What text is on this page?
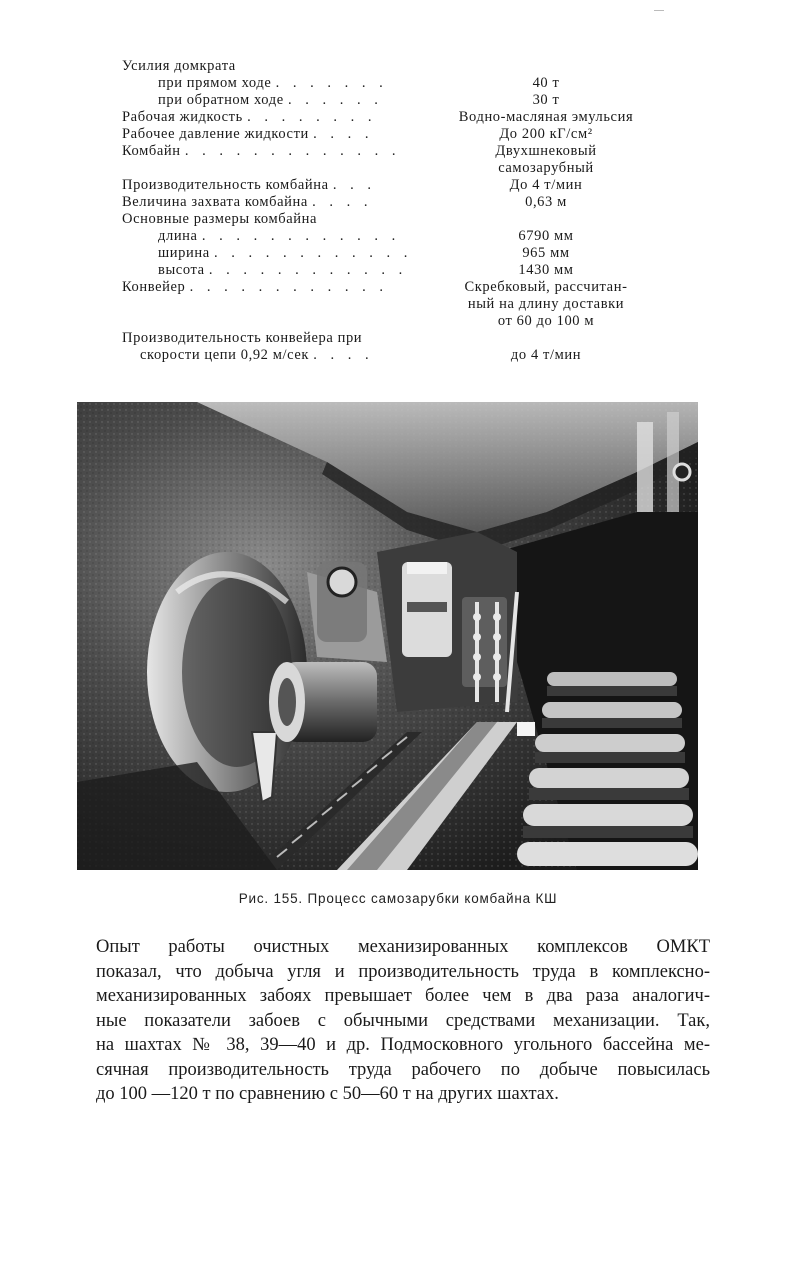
Усилия домкрата
при прямом ходе . . . . . . .	40 т
при обратном ходе . . . . . .	30 т
Рабочая жидкость . . . . . . . .	Водно-масляная эмульсия
Рабочее давление жидкости . . . .	До 200 кГ/см²
Комбайн . . . . . . . . . . . . .	Двухшнековый
самозарубный
Производительность комбайна . . .	До 4 т/мин
Величина захвата комбайна . . . .	0,63 м
Основные размеры комбайна
длина . . . . . . . . . . . .	6790 мм
ширина . . . . . . . . . . . .	965 мм
высота . . . . . . . . . . . .	1430 мм
Конвейер . . . . . . . . . . . .	Скребковый, рассчитан-
ный на длину доставки
от 60 до 100 м
Производительность конвейера при
скорости цепи 0,92 м/сек . . . .	до 4 т/мин
Рис. 155. Процесс самозарубки комбайна КШ
Опыт работы очистных механизированных комплексов ОМКТ
показал, что добыча угля и производительность труда в комплексно-
механизированных забоях превышает более чем в два раза аналогич-
ные показатели забоев с обычными средствами механизации. Так,
на шахтах № 38, 39—40 и др. Подмосковного угольного бассейна ме-
сячная производительность труда рабочего по добыче повысилась
до 100 —120 т по сравнению с 50—60 т на других шахтах.
